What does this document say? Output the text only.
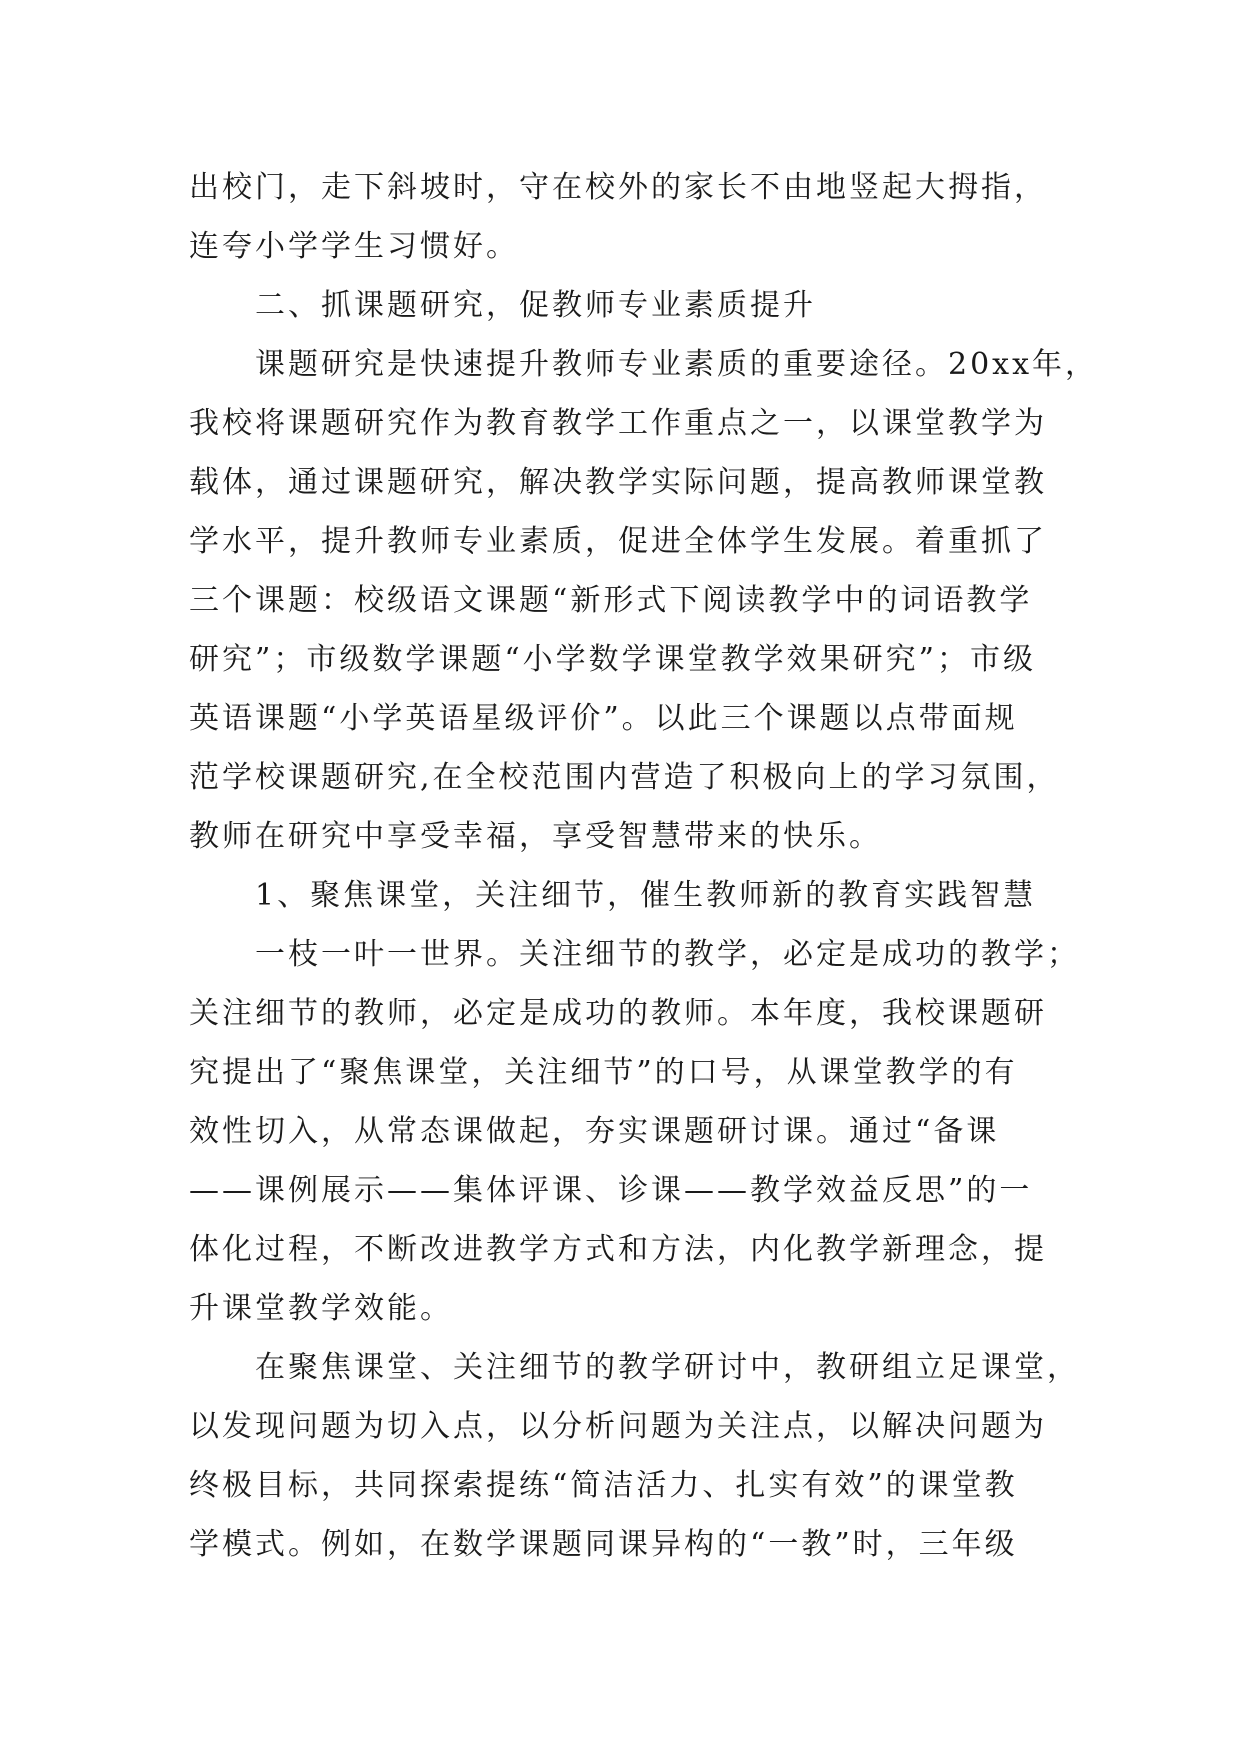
出校门，走下斜坡时，守在校外的家长不由地竖起大拇指，
连夸小学学生习惯好。
二、抓课题研究，促教师专业素质提升
课题研究是快速提升教师专业素质的重要途径。20xx年，
我校将课题研究作为教育教学工作重点之一，以课堂教学为
载体，通过课题研究，解决教学实际问题，提高教师课堂教
学水平，提升教师专业素质，促进全体学生发展。着重抓了
三个课题：校级语文课题“新形式下阅读教学中的词语教学
研究”；市级数学课题“小学数学课堂教学效果研究”；市级
英语课题“小学英语星级评价”。以此三个课题以点带面规
范学校课题研究,在全校范围内营造了积极向上的学习氛围，
教师在研究中享受幸福，享受智慧带来的快乐。
1、聚焦课堂，关注细节，催生教师新的教育实践智慧
一枝一叶一世界。关注细节的教学，必定是成功的教学；
关注细节的教师，必定是成功的教师。本年度，我校课题研
究提出了“聚焦课堂，关注细节”的口号，从课堂教学的有
效性切入，从常态课做起，夯实课题研讨课。通过“备课
——课例展示——集体评课、诊课——教学效益反思”的一
体化过程，不断改进教学方式和方法，内化教学新理念，提
升课堂教学效能。
在聚焦课堂、关注细节的教学研讨中，教研组立足课堂，
以发现问题为切入点，以分析问题为关注点，以解决问题为
终极目标，共同探索提练“简洁活力、扎实有效”的课堂教
学模式。例如，在数学课题同课异构的“一教”时，三年级
